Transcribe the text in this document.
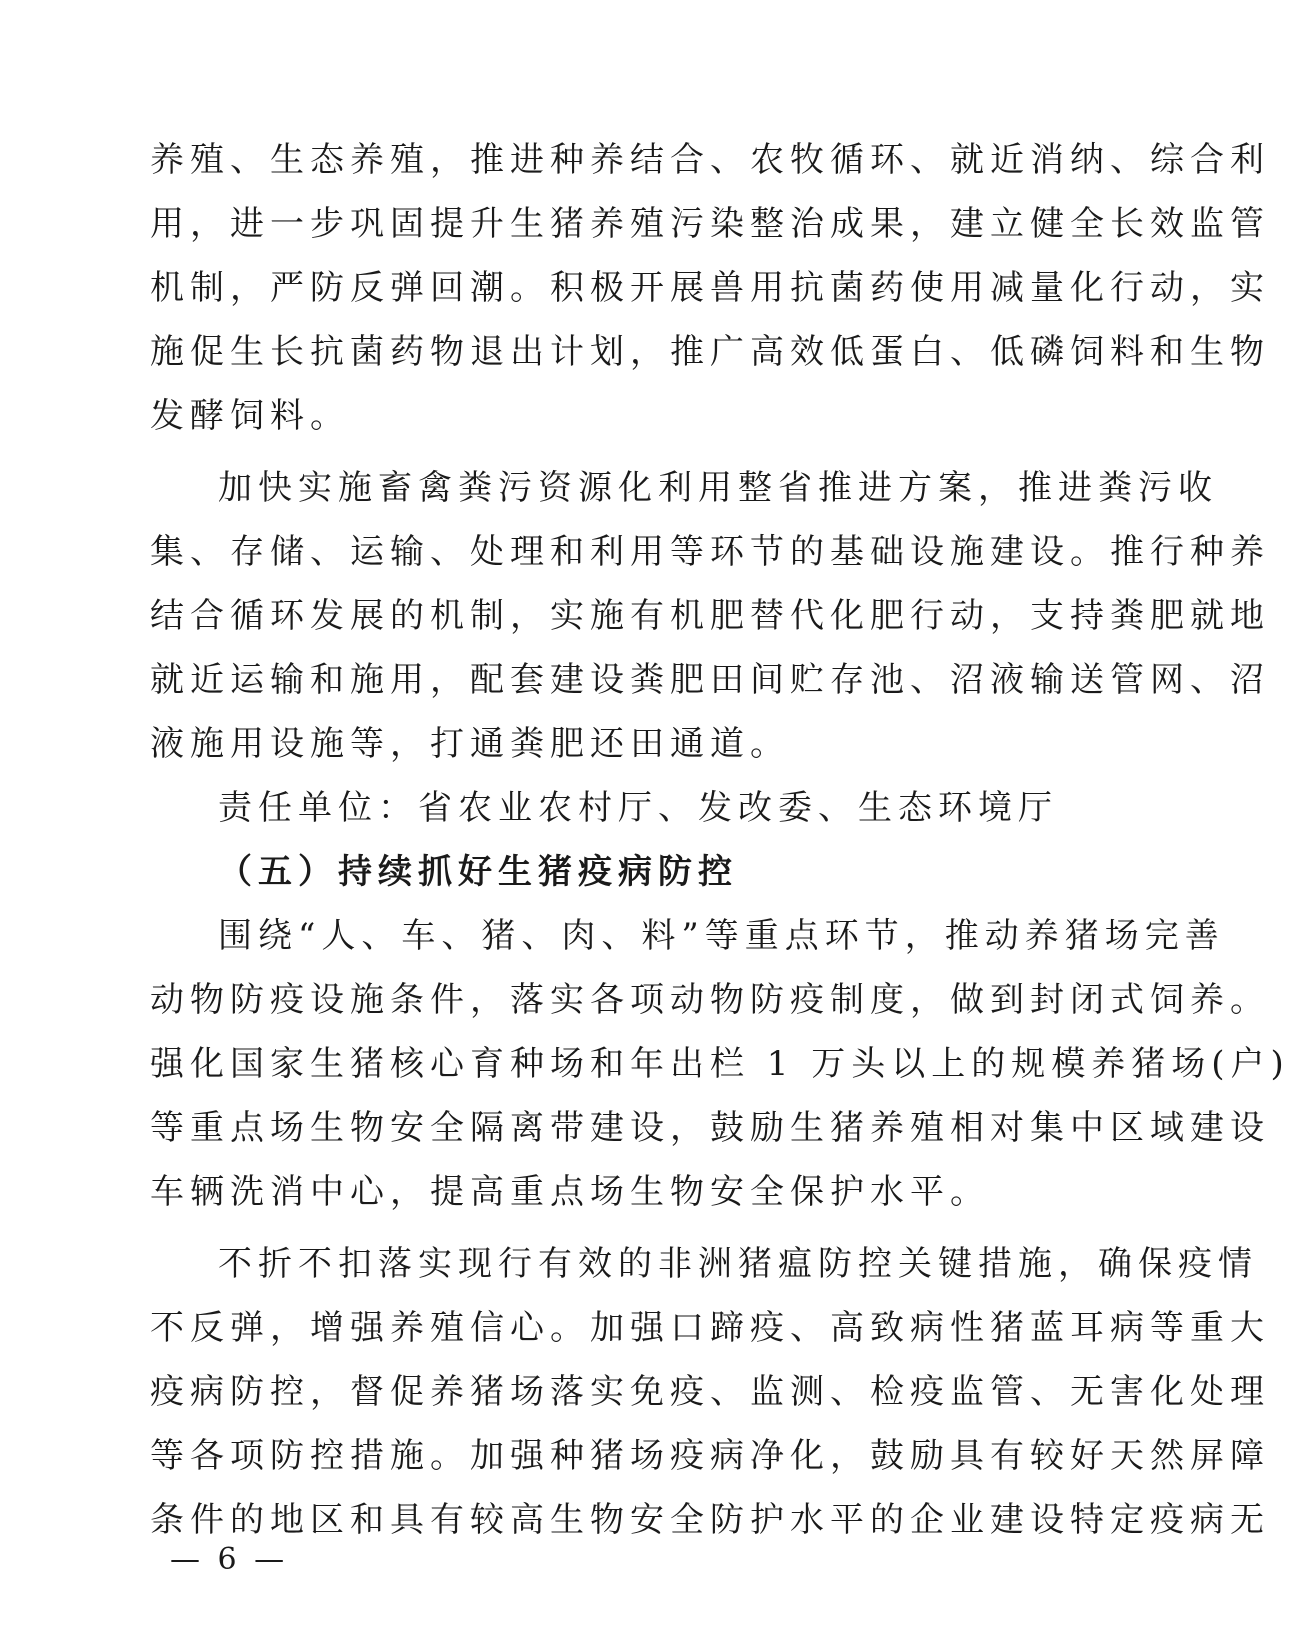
养殖、生态养殖，推进种养结合、农牧循环、就近消纳、综合利
用，进一步巩固提升生猪养殖污染整治成果，建立健全长效监管
机制，严防反弹回潮。积极开展兽用抗菌药使用减量化行动，实
施促生长抗菌药物退出计划，推广高效低蛋白、低磷饲料和生物
发酵饲料。
加快实施畜禽粪污资源化利用整省推进方案，推进粪污收
集、存储、运输、处理和利用等环节的基础设施建设。推行种养
结合循环发展的机制，实施有机肥替代化肥行动，支持粪肥就地
就近运输和施用，配套建设粪肥田间贮存池、沼液输送管网、沼
液施用设施等，打通粪肥还田通道。
责任单位：省农业农村厅、发改委、生态环境厅
（五）持续抓好生猪疫病防控
围绕“人、车、猪、肉、料”等重点环节，推动养猪场完善
动物防疫设施条件，落实各项动物防疫制度，做到封闭式饲养。
强化国家生猪核心育种场和年出栏 1 万头以上的规模养猪场(户)
等重点场生物安全隔离带建设，鼓励生猪养殖相对集中区域建设
车辆洗消中心，提高重点场生物安全保护水平。
不折不扣落实现行有效的非洲猪瘟防控关键措施，确保疫情
不反弹，增强养殖信心。加强口蹄疫、高致病性猪蓝耳病等重大
疫病防控，督促养猪场落实免疫、监测、检疫监管、无害化处理
等各项防控措施。加强种猪场疫病净化，鼓励具有较好天然屏障
条件的地区和具有较高生物安全防护水平的企业建设特定疫病无
— 6 —
